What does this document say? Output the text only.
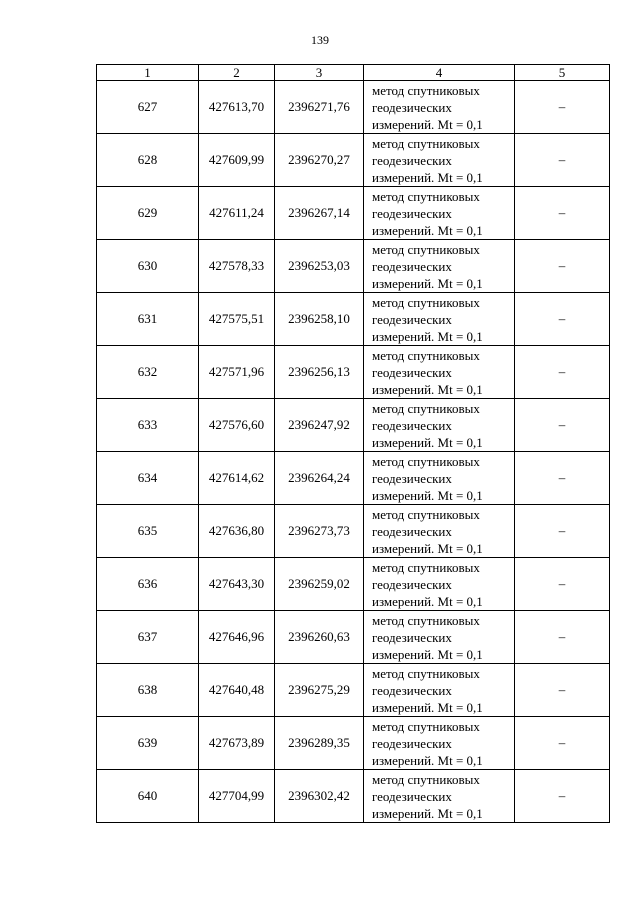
139
1	2	3	4	5
627	427613,70	2396271,76	метод спутниковых
геодезических
измерений. Mt = 0,1	–
628	427609,99	2396270,27	метод спутниковых
геодезических
измерений. Mt = 0,1	–
629	427611,24	2396267,14	метод спутниковых
геодезических
измерений. Mt = 0,1	–
630	427578,33	2396253,03	метод спутниковых
геодезических
измерений. Mt = 0,1	–
631	427575,51	2396258,10	метод спутниковых
геодезических
измерений. Mt = 0,1	–
632	427571,96	2396256,13	метод спутниковых
геодезических
измерений. Mt = 0,1	–
633	427576,60	2396247,92	метод спутниковых
геодезических
измерений. Mt = 0,1	–
634	427614,62	2396264,24	метод спутниковых
геодезических
измерений. Mt = 0,1	–
635	427636,80	2396273,73	метод спутниковых
геодезических
измерений. Mt = 0,1	–
636	427643,30	2396259,02	метод спутниковых
геодезических
измерений. Mt = 0,1	–
637	427646,96	2396260,63	метод спутниковых
геодезических
измерений. Mt = 0,1	–
638	427640,48	2396275,29	метод спутниковых
геодезических
измерений. Mt = 0,1	–
639	427673,89	2396289,35	метод спутниковых
геодезических
измерений. Mt = 0,1	–
640	427704,99	2396302,42	метод спутниковых
геодезических
измерений. Mt = 0,1	–
